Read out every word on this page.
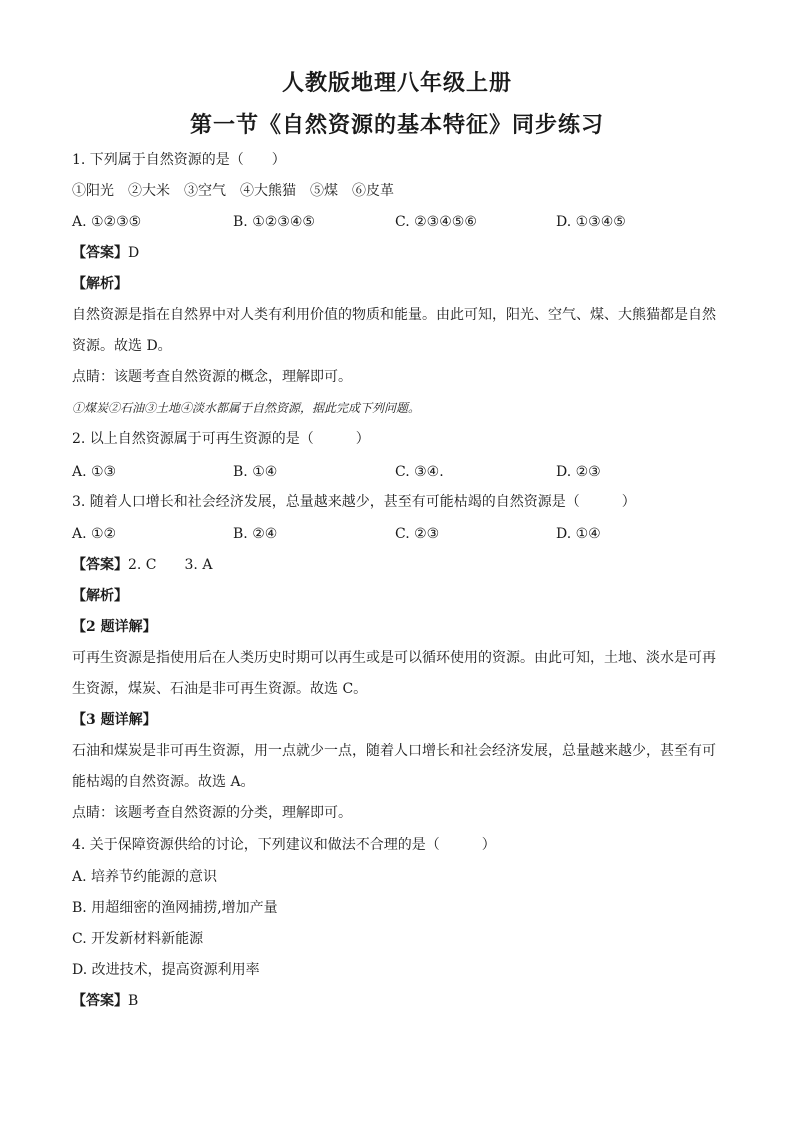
人教版地理八年级上册
第一节《自然资源的基本特征》同步练习
1. 下列属于自然资源的是（　　）
①阳光　②大米　③空气　④大熊猫　⑤煤　⑥皮革
A. ①②③⑤	B. ①②③④⑤	C. ②③④⑤⑥	D. ①③④⑤
【答案】D
【解析】
自然资源是指在自然界中对人类有利用价值的物质和能量。由此可知，阳光、空气、煤、大熊猫都是自然
资源。故选 D。
点睛：该题考查自然资源的概念，理解即可。
①煤炭②石油③土地④淡水都属于自然资源，据此完成下列问题。
2. 以上自然资源属于可再生资源的是（　　　）
A. ①③	B. ①④	C. ③④.	D. ②③
3. 随着人口增长和社会经济发展，总量越来越少，甚至有可能枯竭的自然资源是（　　　）
A. ①②	B. ②④	C. ②③	D. ①④
【答案】2. C　　3. A
【解析】
【2 题详解】
可再生资源是指使用后在人类历史时期可以再生或是可以循环使用的资源。由此可知，土地、淡水是可再
生资源，煤炭、石油是非可再生资源。故选 C。
【3 题详解】
石油和煤炭是非可再生资源，用一点就少一点，随着人口增长和社会经济发展，总量越来越少，甚至有可
能枯竭的自然资源。故选 A。
点睛：该题考查自然资源的分类，理解即可。
4. 关于保障资源供给的讨论，下列建议和做法不合理的是（　　　）
A. 培养节约能源的意识
B. 用超细密的渔网捕捞,增加产量
C. 开发新材料新能源
D. 改进技术，提高资源利用率
【答案】B
